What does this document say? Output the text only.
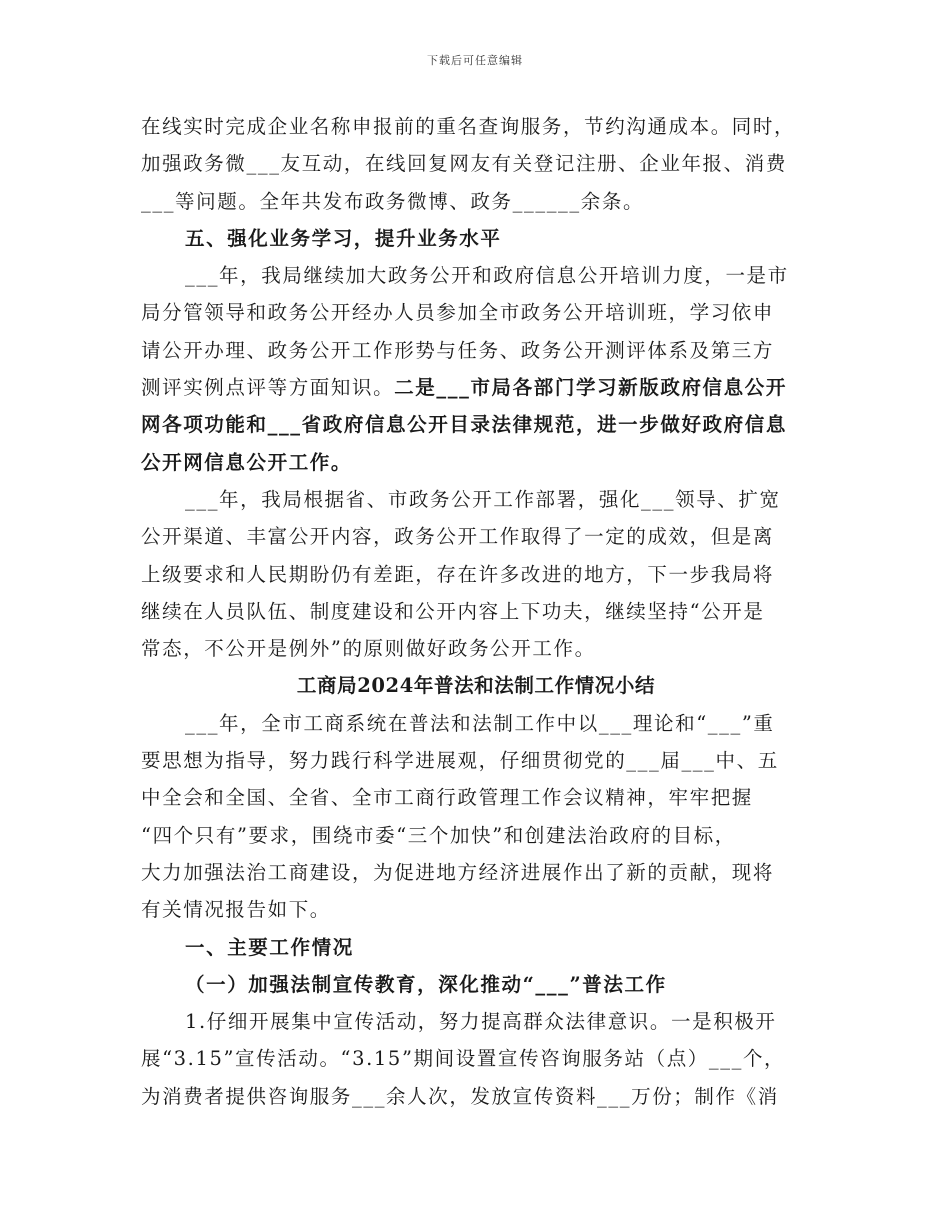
下载后可任意编辑
在线实时完成企业名称申报前的重名查询服务，节约沟通成本。同时，
加强政务微___友互动，在线回复网友有关登记注册、企业年报、消费
___等问题。全年共发布政务微博、政务______余条。
五、强化业务学习，提升业务水平
___年，我局继续加大政务公开和政府信息公开培训力度，一是市
局分管领导和政务公开经办人员参加全市政务公开培训班，学习依申
请公开办理、政务公开工作形势与任务、政务公开测评体系及第三方
测评实例点评等方面知识。二是___市局各部门学习新版政府信息公开
网各项功能和___省政府信息公开目录法律规范，进一步做好政府信息
公开网信息公开工作。
___年，我局根据省、市政务公开工作部署，强化___领导、扩宽
公开渠道、丰富公开内容，政务公开工作取得了一定的成效，但是离
上级要求和人民期盼仍有差距，存在许多改进的地方，下一步我局将
继续在人员队伍、制度建设和公开内容上下功夫，继续坚持“公开是
常态，不公开是例外”的原则做好政务公开工作。
工商局2024年普法和法制工作情况小结
___年，全市工商系统在普法和法制工作中以___理论和“___”重
要思想为指导，努力践行科学进展观，仔细贯彻党的___届___中、五
中全会和全国、全省、全市工商行政管理工作会议精神，牢牢把握
“四个只有”要求，围绕市委“三个加快”和创建法治政府的目标，
大力加强法治工商建设，为促进地方经济进展作出了新的贡献，现将
有关情况报告如下。
一、主要工作情况
（一）加强法制宣传教育，深化推动“___”普法工作
1.仔细开展集中宣传活动，努力提高群众法律意识。一是积极开
展“3.15”宣传活动。“3.15”期间设置宣传咨询服务站（点）___个，
为消费者提供咨询服务___余人次，发放宣传资料___万份；制作《消
